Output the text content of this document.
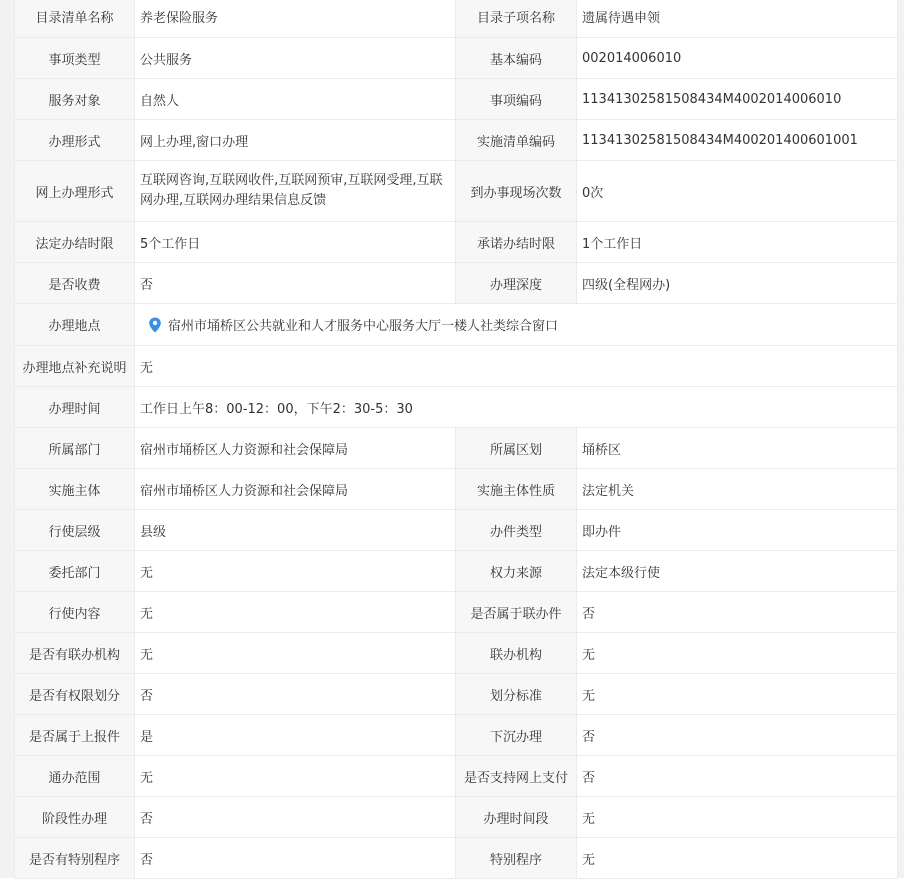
目录清单名称	养老保险服务	目录子项名称	遗属待遇申领
事项类型	公共服务	基本编码	002014006010
服务对象	自然人	事项编码	11341302581508434M4002014006010
办理形式	网上办理,窗口办理	实施清单编码	11341302581508434M400201400601001
网上办理形式	互联网咨询,互联网收件,互联网预审,互联网受理,互联网办理,互联网办理结果信息反馈	到办事现场次数	0次
法定办结时限	5个工作日	承诺办结时限	1个工作日
是否收费	否	办理深度	四级(全程网办)
办理地点	宿州市埇桥区公共就业和人才服务中心服务大厅一楼人社类综合窗口		

办理地点补充说明	无		
办理时间	工作日上午8：00-12：00，下午2：30-5：30		
所属部门	宿州市埇桥区人力资源和社会保障局	所属区划	埇桥区
实施主体	宿州市埇桥区人力资源和社会保障局	实施主体性质	法定机关
行使层级	县级	办件类型	即办件
委托部门	无	权力来源	法定本级行使
行使内容	无	是否属于联办件	否
是否有联办机构	无	联办机构	无
是否有权限划分	否	划分标准	无
是否属于上报件	是	下沉办理	否
通办范围	无	是否支持网上支付	否
阶段性办理	否	办理时间段	无
是否有特别程序	否	特别程序	无
